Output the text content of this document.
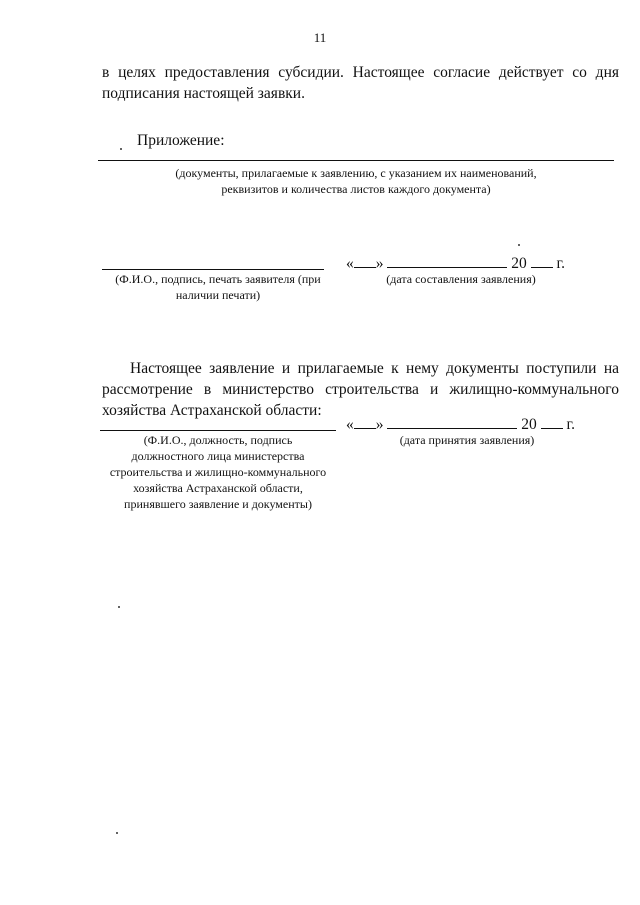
11
в целях предоставления субсидии. Настоящее согласие действует со дня подписания настоящей заявки.
Приложение:
(документы, прилагаемые к заявлению, с указанием их наименований,
реквизитов и количества листов каждого документа)
(Ф.И.О., подпись, печать заявителя (при
наличии печати)
« »	20 г.
(дата составления заявления)
Настоящее заявление и прилагаемые к нему документы поступили на рассмотрение в министерство строительства и жилищно-коммунального хозяйства Астраханской области:
(Ф.И.О., должность, подпись
должностного лица министерства
строительства и жилищно-коммунального
хозяйства Астраханской области,
принявшего заявление и документы)
« »	20 г.
(дата принятия заявления)
